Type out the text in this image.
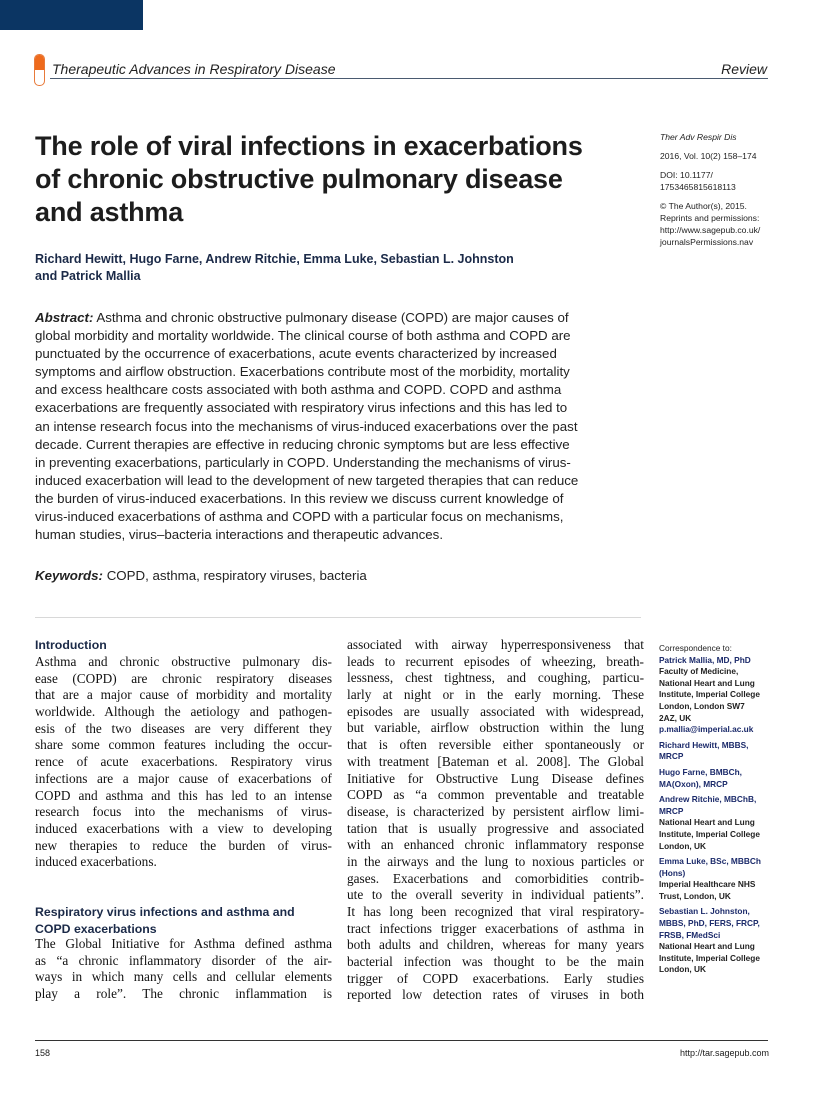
Therapeutic Advances in Respiratory Disease	Review
The role of viral infections in exacerbations
of chronic obstructive pulmonary disease
and asthma
Ther Adv Respir Dis
2016, Vol. 10(2) 158–174
DOI: 10.1177/
1753465815618113
© The Author(s), 2015.
Reprints and permissions:
http://www.sagepub.co.uk/
journalsPermissions.nav
Richard Hewitt, Hugo Farne, Andrew Ritchie, Emma Luke, Sebastian L. Johnston
and Patrick Mallia
Abstract: Asthma and chronic obstructive pulmonary disease (COPD) are major causes of
global morbidity and mortality worldwide. The clinical course of both asthma and COPD are
punctuated by the occurrence of exacerbations, acute events characterized by increased
symptoms and airflow obstruction. Exacerbations contribute most of the morbidity, mortality
and excess healthcare costs associated with both asthma and COPD. COPD and asthma
exacerbations are frequently associated with respiratory virus infections and this has led to
an intense research focus into the mechanisms of virus-induced exacerbations over the past
decade. Current therapies are effective in reducing chronic symptoms but are less effective
in preventing exacerbations, particularly in COPD. Understanding the mechanisms of virus-
induced exacerbation will lead to the development of new targeted therapies that can reduce
the burden of virus-induced exacerbations. In this review we discuss current knowledge of
virus-induced exacerbations of asthma and COPD with a particular focus on mechanisms,
human studies, virus–bacteria interactions and therapeutic advances.
Keywords: COPD, asthma, respiratory viruses, bacteria
Introduction
Asthma and chronic obstructive pulmonary dis-
ease (COPD) are chronic respiratory diseases
that are a major cause of morbidity and mortality
worldwide. Although the aetiology and pathogen-
esis of the two diseases are very different they
share some common features including the occur-
rence of acute exacerbations. Respiratory virus
infections are a major cause of exacerbations of
COPD and asthma and this has led to an intense
research focus into the mechanisms of virus-
induced exacerbations with a view to developing
new therapies to reduce the burden of virus-
induced exacerbations.
Respiratory virus infections and asthma and
COPD exacerbations
The Global Initiative for Asthma defined asthma
as “a chronic inflammatory disorder of the air-
ways in which many cells and cellular elements
play a role”. The chronic inflammation is
associated with airway hyperresponsiveness that
leads to recurrent episodes of wheezing, breath-
lessness, chest tightness, and coughing, particu-
larly at night or in the early morning. These
episodes are usually associated with widespread,
but variable, airflow obstruction within the lung
that is often reversible either spontaneously or
with treatment [Bateman et al. 2008]. The Global
Initiative for Obstructive Lung Disease defines
COPD as “a common preventable and treatable
disease, is characterized by persistent airflow limi-
tation that is usually progressive and associated
with an enhanced chronic inflammatory response
in the airways and the lung to noxious particles or
gases. Exacerbations and comorbidities contrib-
ute to the overall severity in individual patients”.
It has long been recognized that viral respiratory-
tract infections trigger exacerbations of asthma in
both adults and children, whereas for many years
bacterial infection was thought to be the main
trigger of COPD exacerbations. Early studies
reported low detection rates of viruses in both
Correspondence to:
Patrick Mallia, MD, PhD
Faculty of Medicine,
National Heart and Lung
Institute, Imperial College
London, London SW7
2AZ, UK
p.mallia@imperial.ac.uk
Richard Hewitt, MBBS,
MRCP
Hugo Farne, BMBCh,
MA(Oxon), MRCP
Andrew Ritchie, MBChB,
MRCP
National Heart and Lung
Institute, Imperial College
London, UK
Emma Luke, BSc, MBBCh
(Hons)
Imperial Healthcare NHS
Trust, London, UK
Sebastian L. Johnston,
MBBS, PhD, FERS, FRCP,
FRSB, FMedSci
National Heart and Lung
Institute, Imperial College
London, UK
158	http://tar.sagepub.com
